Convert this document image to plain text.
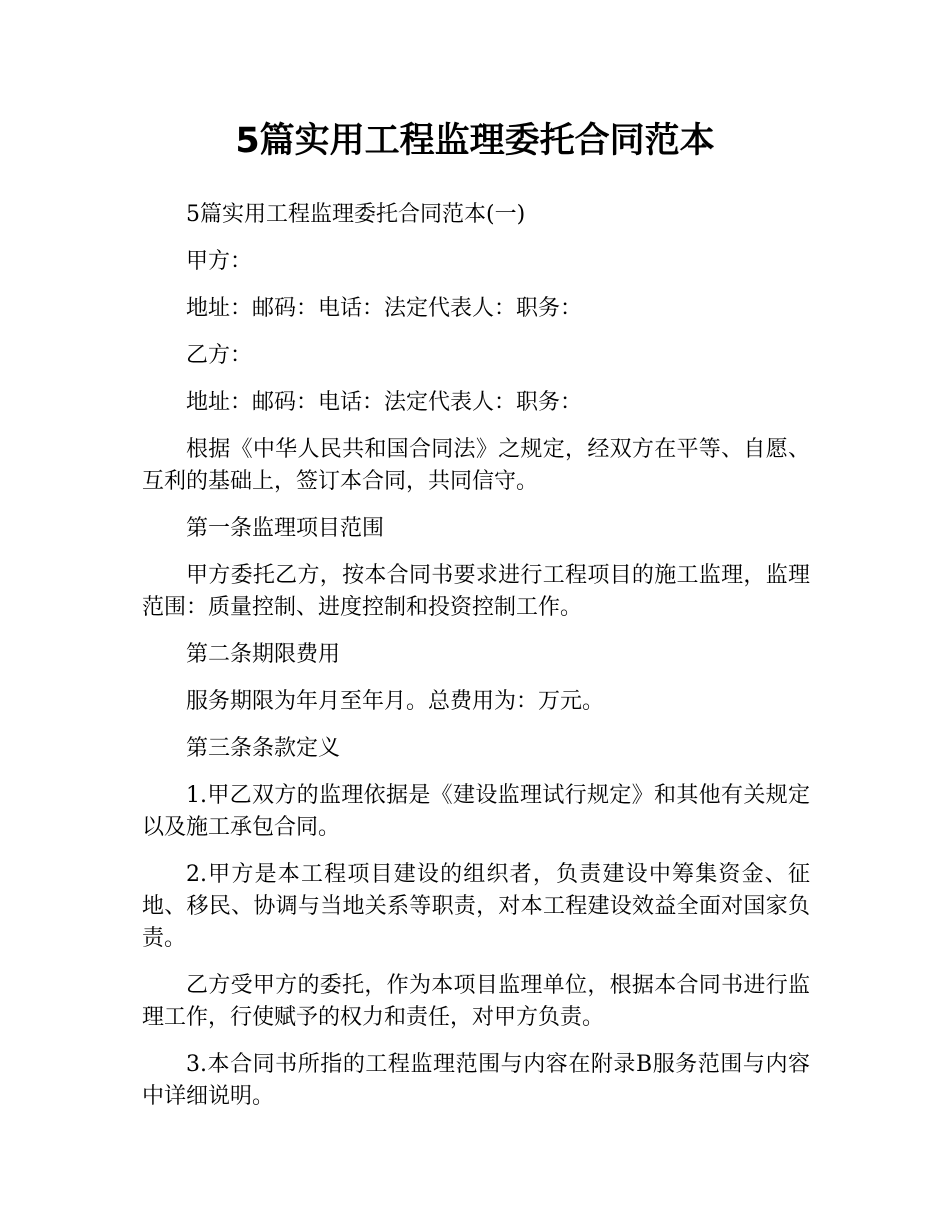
5篇实用工程监理委托合同范本

5篇实用工程监理委托合同范本(一)

甲方：

地址：邮码：电话：法定代表人：职务：

乙方：

地址：邮码：电话：法定代表人：职务：

根据《中华人民共和国合同法》之规定，经双方在平等、自愿、互利的基础上，签订本合同，共同信守。

第一条监理项目范围

甲方委托乙方，按本合同书要求进行工程项目的施工监理，监理范围：质量控制、进度控制和投资控制工作。

第二条期限费用

服务期限为年月至年月。总费用为：万元。

第三条条款定义

1.甲乙双方的监理依据是《建设监理试行规定》和其他有关规定以及施工承包合同。

2.甲方是本工程项目建设的组织者，负责建设中筹集资金、征地、移民、协调与当地关系等职责，对本工程建设效益全面对国家负责。

乙方受甲方的委托，作为本项目监理单位，根据本合同书进行监理工作，行使赋予的权力和责任，对甲方负责。

3.本合同书所指的工程监理范围与内容在附录B服务范围与内容中详细说明。
